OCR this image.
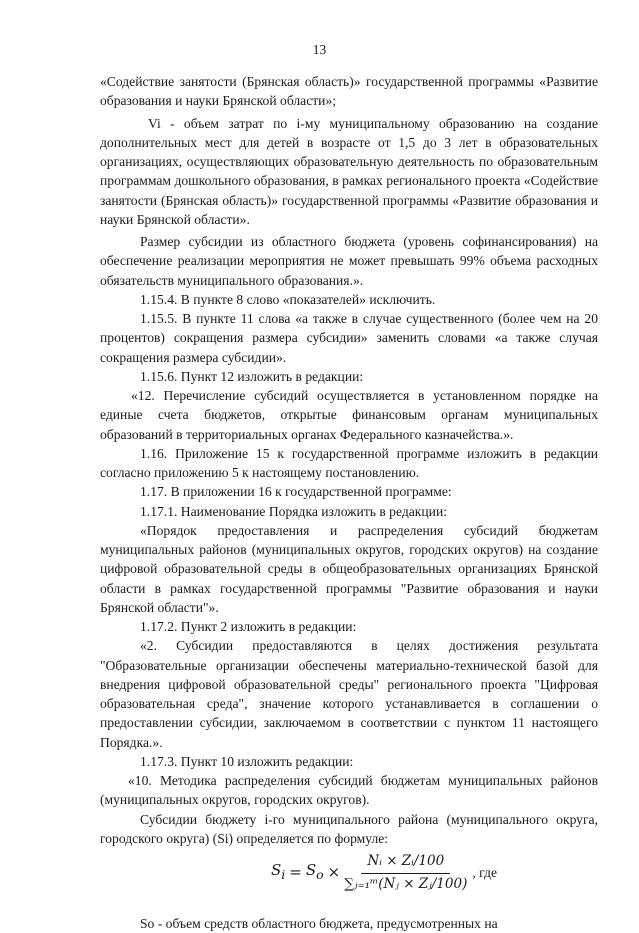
13

«Содействие занятости (Брянская область)» государственной программы «Развитие образования и науки Брянской области»;

Vi - объем затрат по i-му муниципальному образованию на создание дополнительных мест для детей в возрасте от 1,5 до 3 лет в образовательных организациях, осуществляющих образовательную деятельность по образовательным программам дошкольного образования, в рамках регионального проекта «Содействие занятости (Брянская область)» государственной программы «Развитие образования и науки Брянской области».

Размер субсидии из областного бюджета (уровень софинансирования) на обеспечение реализации мероприятия не может превышать 99% объема расходных обязательств муниципального образования.».

1.15.4. В пункте 8 слово «показателей» исключить.

1.15.5. В пункте 11 слова «а также в случае существенного (более чем на 20 процентов) сокращения размера субсидии» заменить словами «а также случая сокращения размера субсидии».

1.15.6. Пункт 12 изложить в редакции:

«12. Перечисление субсидий осуществляется в установленном порядке на единые счета бюджетов, открытые финансовым органам муниципальных образований в территориальных органах Федерального казначейства.».

1.16. Приложение 15 к государственной программе изложить в редакции согласно приложению 5 к настоящему постановлению.

1.17. В приложении 16 к государственной программе:

1.17.1. Наименование Порядка изложить в редакции:

«Порядок предоставления и распределения субсидий бюджетам муниципальных районов (муниципальных округов, городских округов) на создание цифровой образовательной среды в общеобразовательных организациях Брянской области в рамках государственной программы "Развитие образования и науки Брянской области"».

1.17.2. Пункт 2 изложить в редакции:

«2. Субсидии предоставляются в целях достижения результата "Образовательные организации обеспечены материально-технической базой для внедрения цифровой образовательной среды" регионального проекта "Цифровая образовательная среда", значение которого устанавливается в соглашении о предоставлении субсидии, заключаемом в соответствии с пунктом 11 настоящего Порядка.».

1.17.3. Пункт 10 изложить редакции:

«10. Методика распределения субсидий бюджетам муниципальных районов (муниципальных округов, городских округов).

Субсидии бюджету i-го муниципального района (муниципального округа, городского округа) (Si) определяется по формуле:

$S_i = S_o \times \frac{\text{Nᵢ × Zᵢ/100}}{\text{∑ⱼ₌₁ᵐ(Nⱼ × Zⱼ/100)}}$ , где

So - объем средств областного бюджета, предусмотренных на
